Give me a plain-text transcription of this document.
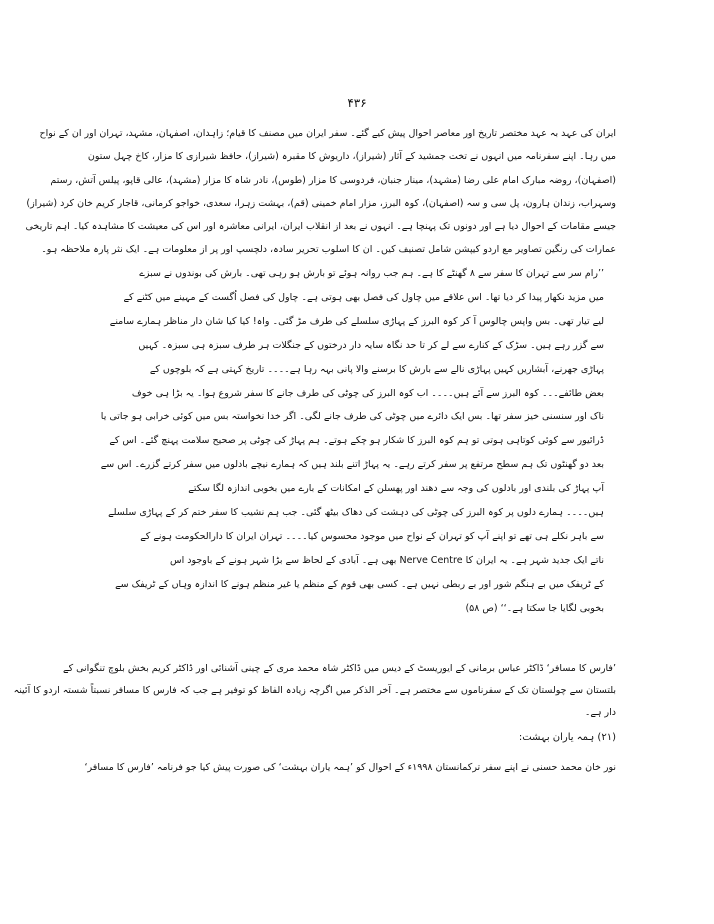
۴۳۶
ایران کی عہد بہ عہد مختصر تاریخ اور معاصر احوال پیش کیے گئے۔ سفر ایران میں مصنف کا قیام؛ زاہدان، اصفہان، مشہد، تہران اور ان کے نواح
میں رہا۔ اپنے سفرنامہ میں انہوں نے تخت جمشید کے آثار (شیراز)، داریوش کا مقبرہ (شیراز)، حافظ شیرازی کا مزار، کاخ چہل ستون
(اصفہان)، روضہ مبارک امام علی رضا (مشہد)، مینار جنبان، فردوسی کا مزار (طوس)، نادر شاہ کا مزار (مشہد)، عالی قاپو، پیلس آتش، رستم
وسہراب، زندان ہارون، پل سی و سہ (اصفہان)، کوہ البرز، مزار امام خمینی (قم)، بہشت زہرا، سعدی، خواجو کرمانی، قاجار کریم خان کرد (شیراز)
جیسے مقامات کے احوال دیا ہے اور دونوں تک پہنچا ہے۔ انہوں نے بعد از انقلاب ایران، ایرانی معاشرہ اور اس کی معیشت کا مشاہدہ کیا۔ اہم تاریخی
عمارات کی رنگین تصاویر مع اردو کیپشن شامل تصنیف کیں۔ ان کا اسلوب تحریر سادہ، دلچسپ اور پر از معلومات ہے۔ ایک نثر پارہ ملاحظہ ہو۔
’’رام سر سے تہران کا سفر سے ۸ گھنٹے کا ہے۔ ہم جب روانہ ہوئے تو بارش ہو رہی تھی۔ بارش کی بوندوں نے سبزے
میں مزید نکھار پیدا کر دیا تھا۔ اس علاقے میں چاول کی فصل بھی ہوتی ہے۔ چاول کی فصل اُگست کے مہینے میں کٹنے کے
لیے تیار تھی۔ بس واپس چالوس آ کر کوہ البرز کے پہاڑی سلسلے کی طرف مڑ گئی۔ واہ! کیا کیا شان دار مناظر ہمارے سامنے
سے گزر رہے ہیں۔ سڑک کے کنارے سے لے کر تا حد نگاہ سایہ دار درختوں کے جنگلات ہر طرف سبزہ ہی سبزہ۔ کہیں
پہاڑی جھرنے، آبشاریں کہیں پہاڑی نالے سے بارش کا برسنے والا پانی بہہ رہا ہے۔۔۔۔ تاریخ کہتی ہے کہ بلوچوں کے
بعض طائفے۔۔۔ کوہ البرز سے آئے ہیں۔۔۔۔ اب کوہ البرز کی چوٹی کی طرف جانے کا سفر شروع ہوا۔ یہ بڑا ہی خوف
ناک اور سنسنی خیز سفر تھا۔ بس ایک دائرے میں چوٹی کی طرف جانے لگی۔ اگر خدا نخواستہ بس میں کوئی خرابی ہو جاتی یا
ڈرائیور سے کوئی کوتاہی ہوتی تو ہم کوہ البرز کا شکار ہو چکے ہوتے۔ ہم پہاڑ کی چوٹی پر صحیح سلامت پہنچ گئے۔ اس کے
بعد دو گھنٹوں تک ہم سطح مرتفع پر سفر کرتے رہے۔ یہ پہاڑ اتنے بلند ہیں کہ ہمارے نیچے بادلوں میں سفر کرتے گزرے۔ اس سے
آپ پہاڑ کی بلندی اور بادلوں کی وجہ سے دھند اور پھسلن کے امکانات کے بارے میں بخوبی اندازہ لگا سکتے
ہیں۔۔۔۔ ہمارے دلوں پر کوہ البرز کی چوٹی کی دہشت کی دھاک بیٹھ گئی۔ جب ہم نشیب کا سفر ختم کر کے پہاڑی سلسلے
سے باہر نکلے ہی تھے تو اپنے آپ کو تہران کے نواح میں موجود محسوس کیا۔۔۔۔ تہران ایران کا دارالحکومت ہونے کے
ناتے ایک جدید شہر ہے۔ یہ ایران کا Nerve Centre بھی ہے۔ آبادی کے لحاظ سے بڑا شہر ہونے کے باوجود اس
کے ٹریفک میں بے ہنگم شور اور بے ربطی نہیں ہے۔ کسی بھی قوم کے منظم یا غیر منظم ہونے کا اندازہ وہاں کے ٹریفک سے
بخوبی لگایا جا سکتا ہے۔‘‘ (ص ۵۸)
’فارس کا مسافر‘ ڈاکٹر عباس برمانی کے ایوریسٹ کے دیس میں ڈاکٹر شاہ محمد مری کے چینی آشنائی اور ڈاکٹر کریم بخش بلوچ تنگوانی کے
بلتستان سے چولستان تک کے سفرناموں سے مختصر ہے۔ آخر الذکر میں اگرچہ زیادہ الفاظ کو توفیر ہے جب کہ فارس کا مسافر نسبتاً شستہ اردو کا آئینہ
دار ہے۔
(۲۱) ہمہ یاران بہشت:
نور خان محمد حسنی نے اپنے سفر ترکمانستان ۱۹۹۸ء کے احوال کو ’ہمہ یاران بہشت‘ کی صورت پیش کیا جو فرنامہ ’فارس کا مسافر‘
